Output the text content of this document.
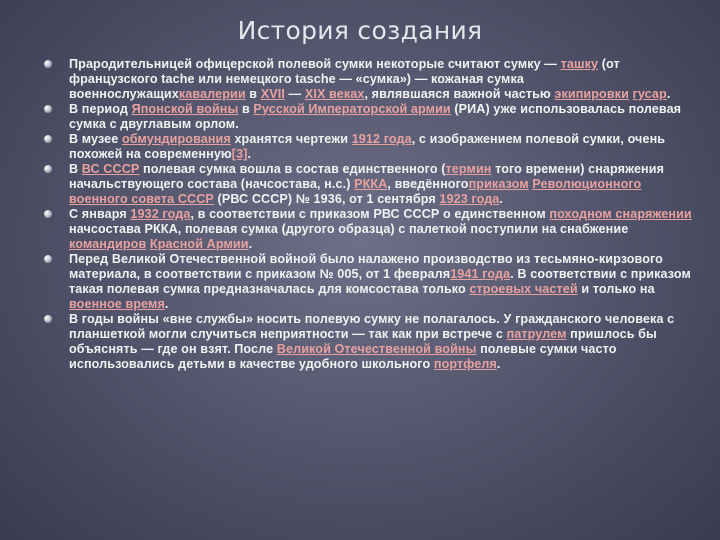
История создания
Прародительницей офицерской полевой сумки некоторые считают сумку — ташку (от французского tache или немецкого tasche — «сумка») — кожаная сумка военнослужащихкавалерии в XVII — XIX веках, являвшаяся важной частью экипировки гусар.
В период Японской войны в Русской Императорской армии (РИА) уже использовалась полевая сумка с двуглавым орлом.
В музее обмундирования хранятся чертежи 1912 года, с изображением полевой сумки, очень похожей на современную[3].
В ВС СССР полевая сумка вошла в состав единственного (термин того времени) снаряжения начальствующего состава (начсостава, н.с.) РККА, введённогоприказом Революционного военного совета СССР (РВС СССР) № 1936, от 1 сентября 1923 года.
С января 1932 года, в соответствии с приказом РВС СССР о единственном походном снаряжении начсостава РККА, полевая сумка (другого образца) с палеткой поступили на снабжение командиров Красной Армии.
Перед Великой Отечественной войной было налажено производство из тесьмяно-кирзового материала, в соответствии с приказом № 005, от 1 февраля1941 года. В соответствии с приказом такая полевая сумка предназначалась для комсостава только строевых частей и только на военное время.
В годы войны «вне службы» носить полевую сумку не полагалось. У гражданского человека с планшеткой могли случиться неприятности — так как при встрече с патрулем пришлось бы объяснять — где он взят. После Великой Отечественной войны полевые сумки часто использовались детьми в качестве удобного школьного портфеля.
